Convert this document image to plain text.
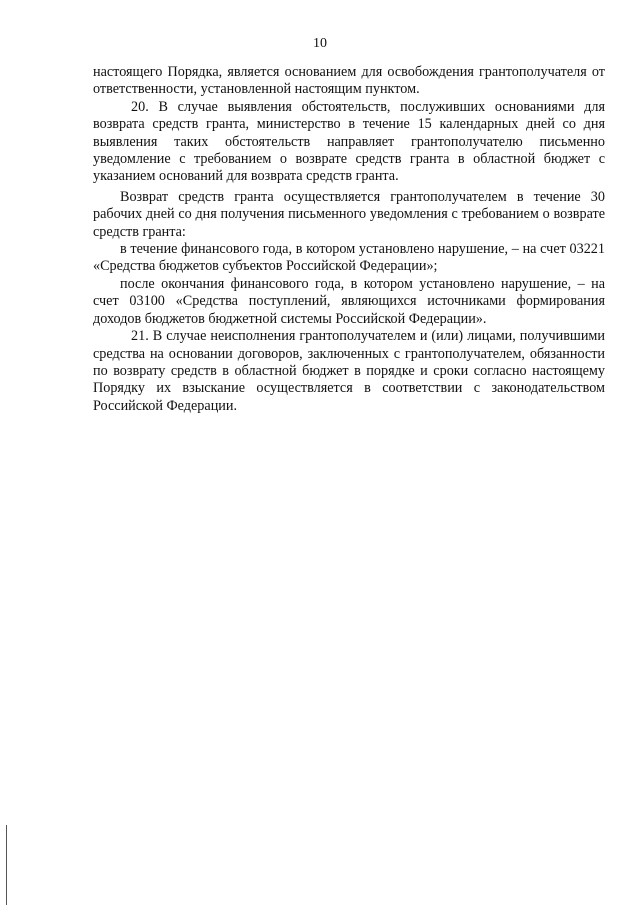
10

настоящего Порядка, является основанием для освобождения грантополучателя от ответственности, установленной настоящим пунктом.

20. В случае выявления обстоятельств, послуживших основаниями для возврата средств гранта, министерство в течение 15 календарных дней со дня выявления таких обстоятельств направляет грантополучателю письменно уведомление с требованием о возврате средств гранта в областной бюджет с указанием оснований для возврата средств гранта.

Возврат средств гранта осуществляется грантополучателем в течение 30 рабочих дней со дня получения письменного уведомления с требованием о возврате средств гранта:

в течение финансового года, в котором установлено нарушение, – на счет 03221 «Средства бюджетов субъектов Российской Федерации»;

после окончания финансового года, в котором установлено нарушение, – на счет 03100 «Средства поступлений, являющихся источниками формирования доходов бюджетов бюджетной системы Российской Федерации».

21. В случае неисполнения грантополучателем и (или) лицами, получившими средства на основании договоров, заключенных с грантополучателем, обязанности по возврату средств в областной бюджет в порядке и сроки согласно настоящему Порядку их взыскание осуществляется в соответствии с законодательством Российской Федерации.
